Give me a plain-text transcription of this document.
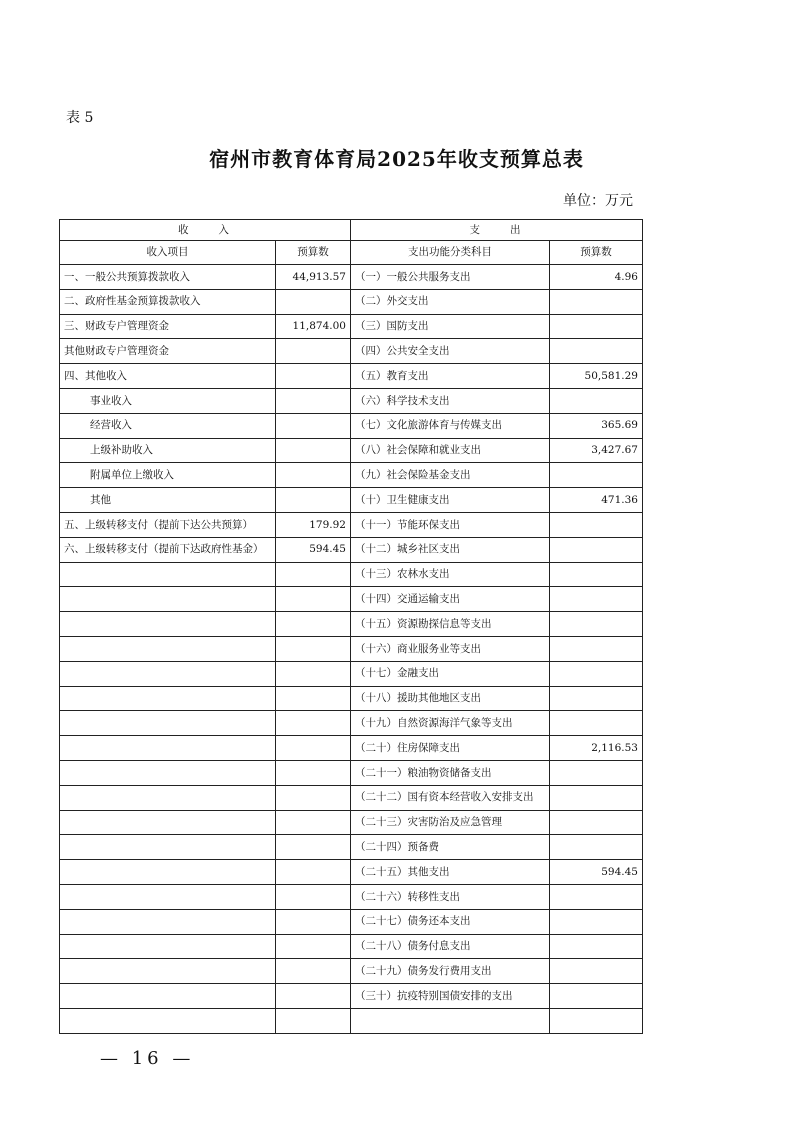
表 5
宿州市教育体育局2025年收支预算总表
单位：万元
收　　入		支　　出	
收入项目	预算数	支出功能分类科目	预算数
一、一般公共预算拨款收入	44,913.57	（一）一般公共服务支出	4.96
二、政府性基金预算拨款收入		（二）外交支出	
三、财政专户管理资金	11,874.00	（三）国防支出	
其他财政专户管理资金		（四）公共安全支出	
四、其他收入		（五）教育支出	50,581.29
事业收入		（六）科学技术支出	
经营收入		（七）文化旅游体育与传媒支出	365.69
上级补助收入		（八）社会保障和就业支出	3,427.67
附属单位上缴收入		（九）社会保险基金支出	
其他		（十）卫生健康支出	471.36
五、上级转移支付（提前下达公共预算）	179.92	（十一）节能环保支出	
六、上级转移支付（提前下达政府性基金）	594.45	（十二）城乡社区支出	
		（十三）农林水支出	
		（十四）交通运输支出	
		（十五）资源勘探信息等支出	
		（十六）商业服务业等支出	
		（十七）金融支出	
		（十八）援助其他地区支出	
		（十九）自然资源海洋气象等支出	
		（二十）住房保障支出	2,116.53
		（二十一）粮油物资储备支出	
		（二十二）国有资本经营收入安排支出	
		（二十三）灾害防治及应急管理	
		（二十四）预备费	
		（二十五）其他支出	594.45
		（二十六）转移性支出	
		（二十七）债务还本支出	
		（二十八）债务付息支出	
		（二十九）债务发行费用支出	
		（三十）抗疫特别国债安排的支出	

— 16 —
